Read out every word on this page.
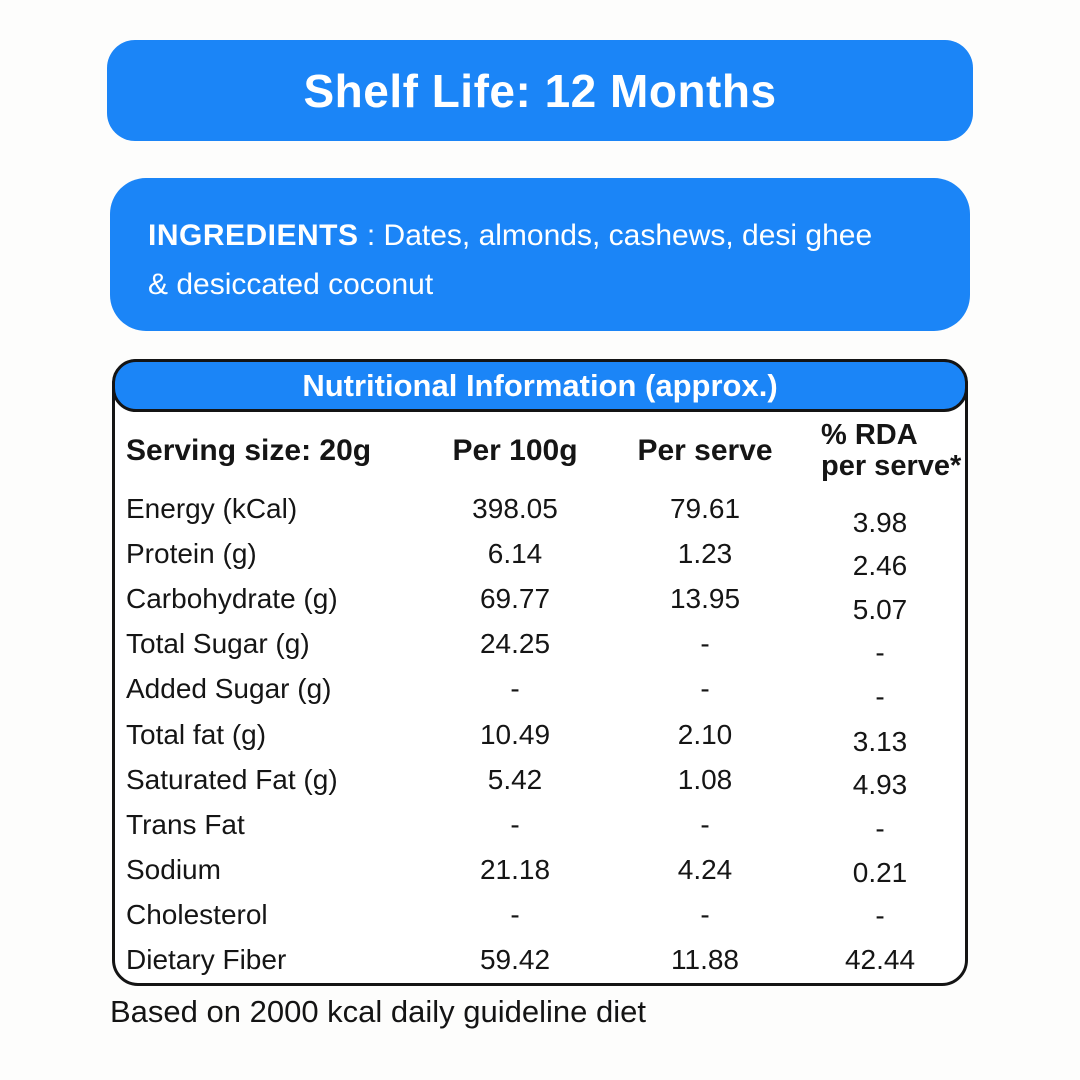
Shelf Life: 12 Months
INGREDIENTS : Dates, almonds, cashews, desi ghee
& desiccated coconut
Nutritional Information (approx.)
Serving size: 20g	Per 100g	Per serve	% RDA
per serve*
Energy (kCal)	398.05	79.61	3.98
Protein (g)	6.14	1.23	2.46
Carbohydrate (g)	69.77	13.95	5.07
Total Sugar (g)	24.25	-	-
Added Sugar (g)	-	-	-
Total fat (g)	10.49	2.10	3.13
Saturated Fat (g)	5.42	1.08	4.93
Trans Fat	-	-	-
Sodium	21.18	4.24	0.21
Cholesterol	-	-	-
Dietary Fiber	59.42	11.88	42.44
Based on 2000 kcal daily guideline diet
